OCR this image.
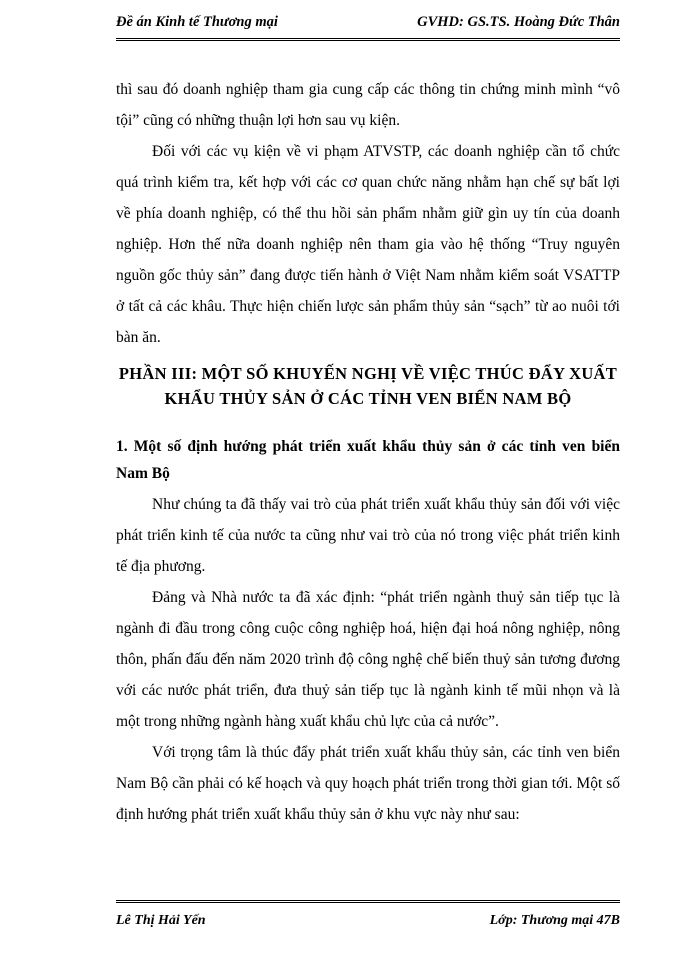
Đề án Kinh tế Thương mại	GVHD: GS.TS. Hoàng Đức Thân

thì sau đó doanh nghiệp tham gia cung cấp các thông tin chứng minh mình “vô tội” cũng có những thuận lợi hơn sau vụ kiện.

Đối với các vụ kiện về vi phạm ATVSTP, các doanh nghiệp cần tổ chức quá trình kiểm tra, kết hợp với các cơ quan chức năng nhằm hạn chế sự bất lợi về phía doanh nghiệp, có thể thu hồi sản phẩm nhằm giữ gìn uy tín của doanh nghiệp. Hơn thế nữa doanh nghiệp nên tham gia vào hệ thống “Truy nguyên nguồn gốc thủy sản” đang được tiến hành ở Việt Nam nhằm kiểm soát VSATTP ở tất cả các khâu. Thực hiện chiến lược sản phẩm thủy sản “sạch” từ ao nuôi tới bàn ăn.

PHẦN III: MỘT SỐ KHUYẾN NGHỊ VỀ VIỆC THÚC ĐẨY XUẤT KHẨU THỦY SẢN Ở CÁC TỈNH VEN BIỂN NAM BỘ
1. Một số định hướng phát triển xuất khẩu thủy sản ở các tỉnh ven biển Nam Bộ

Như chúng ta đã thấy vai trò của phát triển xuất khẩu thủy sản đối với việc phát triển kinh tế của nước ta cũng như vai trò của nó trong việc phát triển kinh tế địa phương.

Đảng và Nhà nước ta đã xác định: “phát triển ngành thuỷ sản tiếp tục là ngành đi đầu trong công cuộc công nghiệp hoá, hiện đại hoá nông nghiệp, nông thôn, phấn đấu đến năm 2020 trình độ công nghệ chế biến thuỷ sản tương đương với các nước phát triển, đưa thuỷ sản tiếp tục là ngành kinh tế mũi nhọn và là một trong những ngành hàng xuất khẩu chủ lực của cả nước”.

Với trọng tâm là thúc đẩy phát triển xuất khẩu thủy sản, các tỉnh ven biển Nam Bộ cần phải có kế hoạch và quy hoạch phát triển trong thời gian tới. Một số định hướng phát triển xuất khẩu thủy sản ở khu vực này như sau:

Lê Thị Hải Yến	Lớp: Thương mại 47B
